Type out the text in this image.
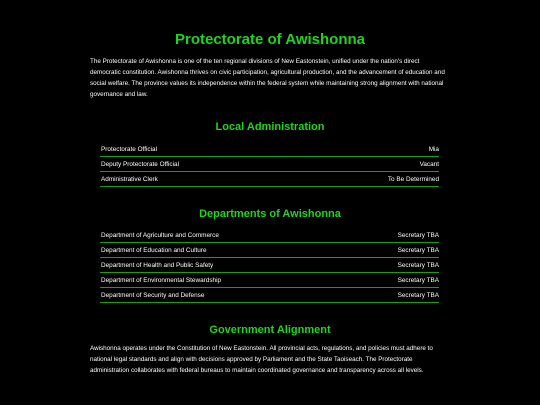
Protectorate of Awishonna

The Protectorate of Awishonna is one of the ten regional divisions of New Eastonstein, unified under the nation's direct democratic constitution. Awishonna thrives on civic participation, agricultural production, and the advancement of education and social welfare. The province values its independence within the federal system while maintaining strong alignment with national governance and law.

Local Administration
Protectorate Official	Mia
Deputy Protectorate Official	Vacant
Administrative Clerk	To Be Determined
Departments of Awishonna
Department of Agriculture and Commerce	Secretary TBA
Department of Education and Culture	Secretary TBA
Department of Health and Public Safety	Secretary TBA
Department of Environmental Stewardship	Secretary TBA
Department of Security and Defense	Secretary TBA
Government Alignment

Awishonna operates under the Constitution of New Eastonstein. All provincial acts, regulations, and policies must adhere to national legal standards and align with decisions approved by Parliament and the State Taoiseach. The Protectorate administration collaborates with federal bureaus to maintain coordinated governance and transparency across all levels.
